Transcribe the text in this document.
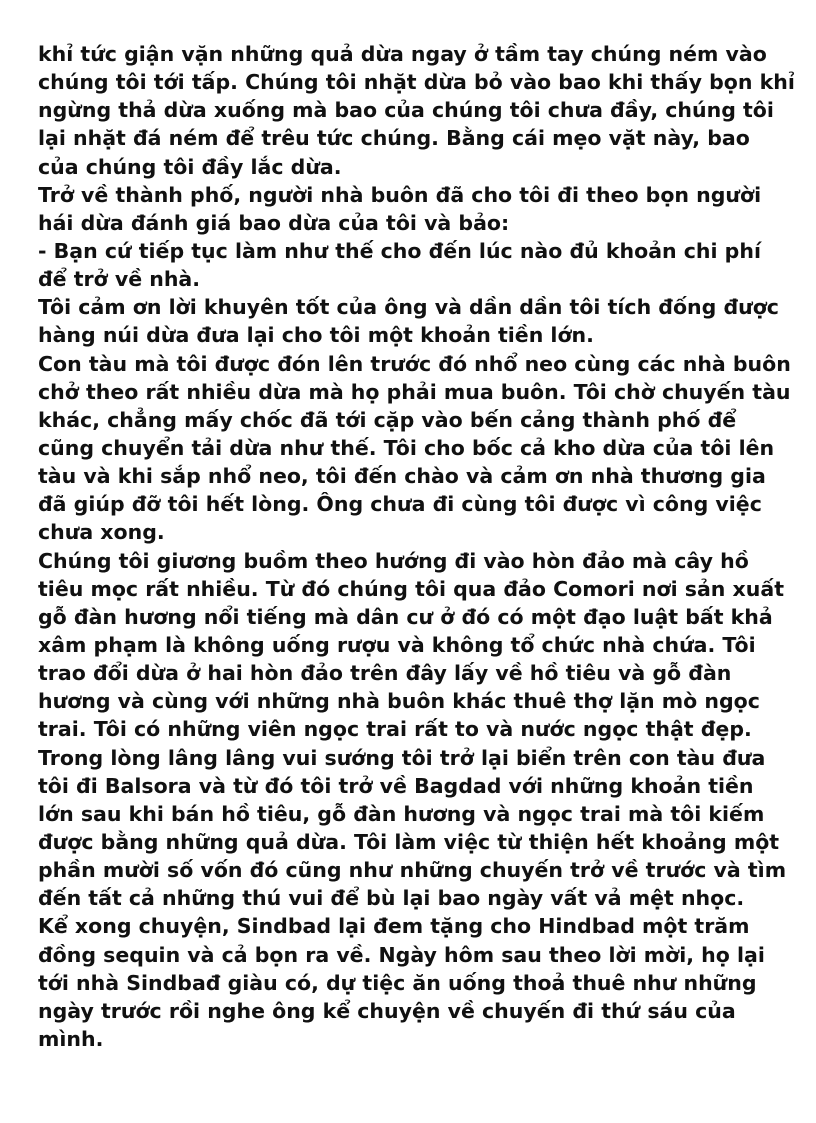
khỉ tức giận vặn những quả dừa ngay ở tầm tay chúng ném vào
chúng tôi tới tấp. Chúng tôi nhặt dừa bỏ vào bao khi thấy bọn khỉ
ngừng thả dừa xuống mà bao của chúng tôi chưa đầy, chúng tôi
lại nhặt đá ném để trêu tức chúng. Bằng cái mẹo vặt này, bao
của chúng tôi đầy lắc dừa.
Trở về thành phố, người nhà buôn đã cho tôi đi theo bọn người
hái dừa đánh giá bao dừa của tôi và bảo:
- Bạn cứ tiếp tục làm như thế cho đến lúc nào đủ khoản chi phí
để trở về nhà.
Tôi cảm ơn lời khuyên tốt của ông và dần dần tôi tích đống được
hàng núi dừa đưa lại cho tôi một khoản tiền lớn.
Con tàu mà tôi được đón lên trước đó nhổ neo cùng các nhà buôn
chở theo rất nhiều dừa mà họ phải mua buôn. Tôi chờ chuyến tàu
khác, chẳng mấy chốc đã tới cặp vào bến cảng thành phố để
cũng chuyển tải dừa như thế. Tôi cho bốc cả kho dừa của tôi lên
tàu và khi sắp nhổ neo, tôi đến chào và cảm ơn nhà thương gia
đã giúp đỡ tôi hết lòng. Ông chưa đi cùng tôi được vì công việc
chưa xong.
Chúng tôi giương buồm theo hướng đi vào hòn đảo mà cây hồ
tiêu mọc rất nhiều. Từ đó chúng tôi qua đảo Comori nơi sản xuất
gỗ đàn hương nổi tiếng mà dân cư ở đó có một đạo luật bất khả
xâm phạm là không uống rượu và không tổ chức nhà chứa. Tôi
trao đổi dừa ở hai hòn đảo trên đây lấy về hồ tiêu và gỗ đàn
hương và cùng với những nhà buôn khác thuê thợ lặn mò ngọc
trai. Tôi có những viên ngọc trai rất to và nước ngọc thật đẹp.
Trong lòng lâng lâng vui sướng tôi trở lại biển trên con tàu đưa
tôi đi Balsora và từ đó tôi trở về Bagdad với những khoản tiền
lớn sau khi bán hồ tiêu, gỗ đàn hương và ngọc trai mà tôi kiếm
được bằng những quả dừa. Tôi làm việc từ thiện hết khoảng một
phần mười số vốn đó cũng như những chuyến trở về trước và tìm
đến tất cả những thú vui để bù lại bao ngày vất vả mệt nhọc.
Kể xong chuyện, Sindbad lại đem tặng cho Hindbad một trăm
đồng sequin và cả bọn ra về. Ngày hôm sau theo lời mời, họ lại
tới nhà Sindbađ giàu có, dự tiệc ăn uống thoả thuê như những
ngày trước rồi nghe ông kể chuyện về chuyến đi thứ sáu của
mình.
